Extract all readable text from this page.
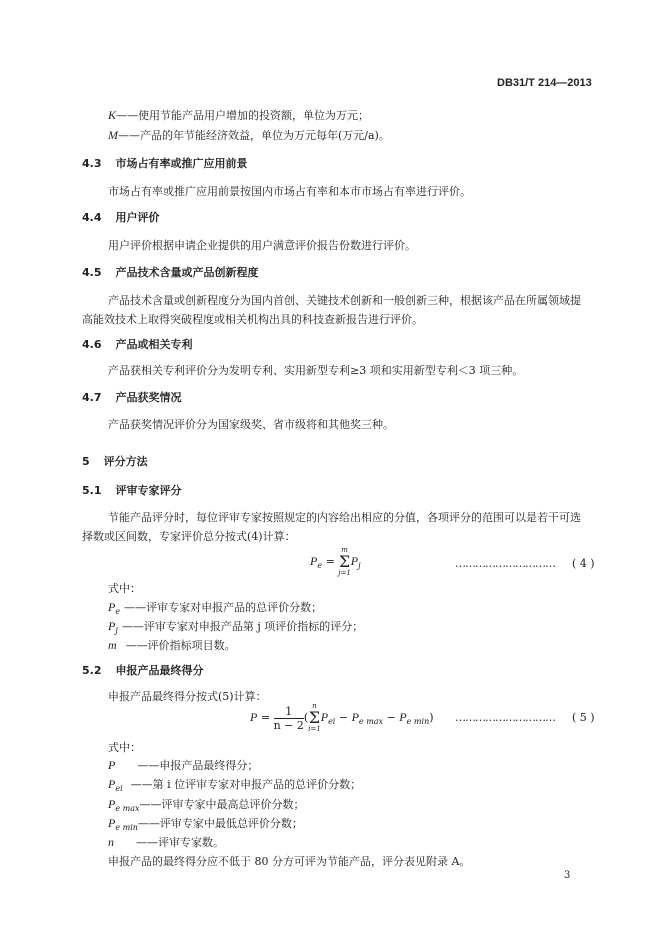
DB31/T 214—2013
K——使用节能产品用户增加的投资额，单位为万元；
M——产品的年节能经济效益，单位为万元每年(万元/a)。
4.3 市场占有率或推广应用前景
市场占有率或推广应用前景按国内市场占有率和本市市场占有率进行评价。
4.4 用户评价
用户评价根据申请企业提供的用户满意评价报告份数进行评价。
4.5 产品技术含量或产品创新程度
产品技术含量或创新程度分为国内首创、关键技术创新和一般创新三种，根据该产品在所属领域提
高能效技术上取得突破程度或相关机构出具的科技查新报告进行评价。
4.6 产品或相关专利
产品获相关专利评价分为发明专利、实用新型专利≥3 项和实用新型专利＜3 项三种。
4.7 产品获奖情况
产品获奖情况评价分为国家级奖、省市级将和其他奖三种。
5 评分方法
5.1 评审专家评分
节能产品评分时，每位评审专家按照规定的内容给出相应的分值，各项评分的范围可以是若干可选
择数或区间数，专家评价总分按式(4)计算：
$P_e$ =
m
Σ
j=1
$P_j$	………………………… ( 4 )
式中：
$P_e$ ——评审专家对申报产品的总评价分数；
$P_j$ ——评审专家对申报产品第 j 项评价指标的评分；
m ——评价指标项目数。
5.2 申报产品最终得分
申报产品最终得分按式(5)计算：
$P = \frac{1}{n - 2}$ (
n
Σ
i=1
$P_{ei} - P_{e max} - P_{e min}$) ………………………… ( 5 )
式中：
P ——申报产品最终得分；
$P_{ei}$ ——第 i 位评审专家对申报产品的总评价分数；
$P_{e max}——$评审专家中最高总评价分数；
$P_{e min}——$评审专家中最低总评价分数；
n ——评审专家数。
申报产品的最终得分应不低于 80 分方可评为节能产品，评分表见附录 A。
3
